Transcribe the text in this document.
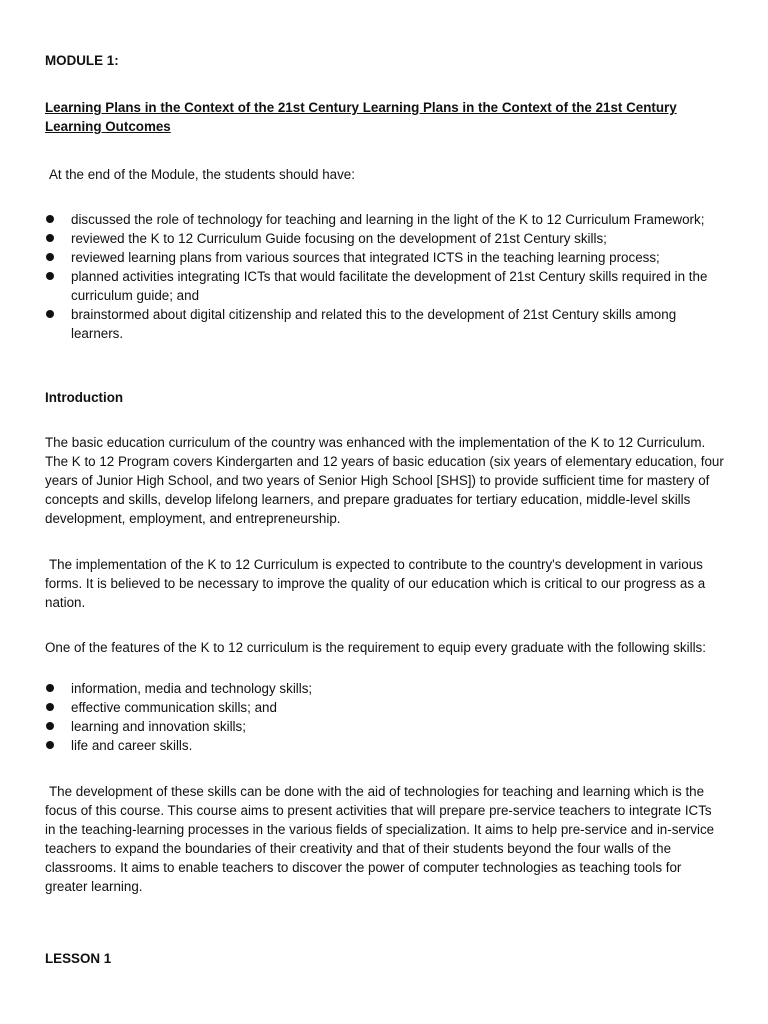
MODULE 1:

Learning Plans in the Context of the 21st Century Learning Plans in the Context of the 21st Century Learning Outcomes

At the end of the Module, the students should have:

discussed the role of technology for teaching and learning in the light of the K to 12 Curriculum Framework;
reviewed the K to 12 Curriculum Guide focusing on the development of 21st Century skills;
reviewed learning plans from various sources that integrated ICTS in the teaching learning process;
planned activities integrating ICTs that would facilitate the development of 21st Century skills required in the curriculum guide; and
brainstormed about digital citizenship and related this to the development of 21st Century skills among learners.

Introduction

The basic education curriculum of the country was enhanced with the implementation of the K to 12 Curriculum. The K to 12 Program covers Kindergarten and 12 years of basic education (six years of elementary education, four years of Junior High School, and two years of Senior High School [SHS]) to provide sufficient time for mastery of concepts and skills, develop lifelong learners, and prepare graduates for tertiary education, middle-level skills development, employment, and entrepreneurship.

The implementation of the K to 12 Curriculum is expected to contribute to the country's development in various forms. It is believed to be necessary to improve the quality of our education which is critical to our progress as a nation.

One of the features of the K to 12 curriculum is the requirement to equip every graduate with the following skills:

information, media and technology skills;
effective communication skills; and
learning and innovation skills;
life and career skills.

The development of these skills can be done with the aid of technologies for teaching and learning which is the focus of this course. This course aims to present activities that will prepare pre-service teachers to integrate ICTs in the teaching-learning processes in the various fields of specialization. It aims to help pre-service and in-service teachers to expand the boundaries of their creativity and that of their students beyond the four walls of the classrooms. It aims to enable teachers to discover the power of computer technologies as teaching tools for greater learning.

LESSON 1
